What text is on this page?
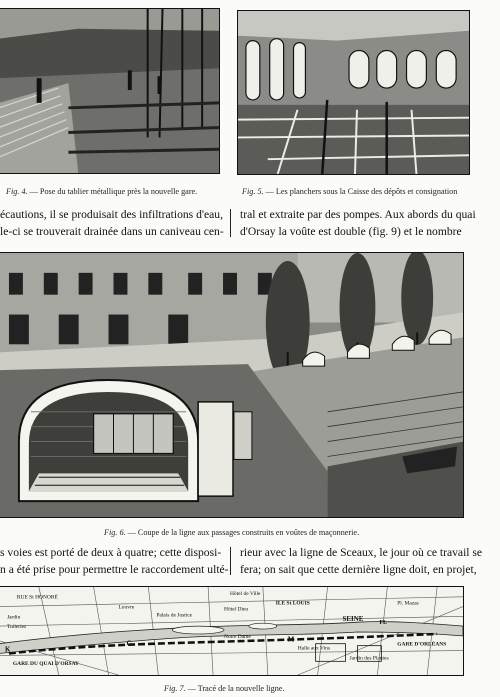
Fig. 4. — Pose du tablier métallique près la nouvelle gare.	Fig. 5. — Les planchers sous la Caisse des dépôts et consignation
écautions, il se produisait des infiltrations d'eau,
le-ci se trouverait drainée dans un caniveau cen-
tral et extraite par des pompes. Aux abords du quai
d'Orsay la voûte est double (fig. 9) et le nombre
Fig. 6. — Coupe de la ligne aux passages construits en voûtes de maçonnerie.
s voies est porté de deux à quatre; cette disposi-
n a été prise pour permettre le raccordement ulté-
rieur avec la ligne de Sceaux, le jour où ce travail se
fera; on sait que cette dernière ligne doit, en projet,
RUE St HONORÉ
Louvre
Palais de Justice
Hôtel de Ville
ILE St LOUIS
SEINE	FL
Pl. Mazas
GARE D'ORLÉANS
GARE DU QUAI D'ORSAY
Jardin
Tuileries
Notre Dame
Hôtel Dieu
Halle aux Vins
Jardin des Plantes
K
G
M
Fig. 7. — Tracé de la nouvelle ligne.
